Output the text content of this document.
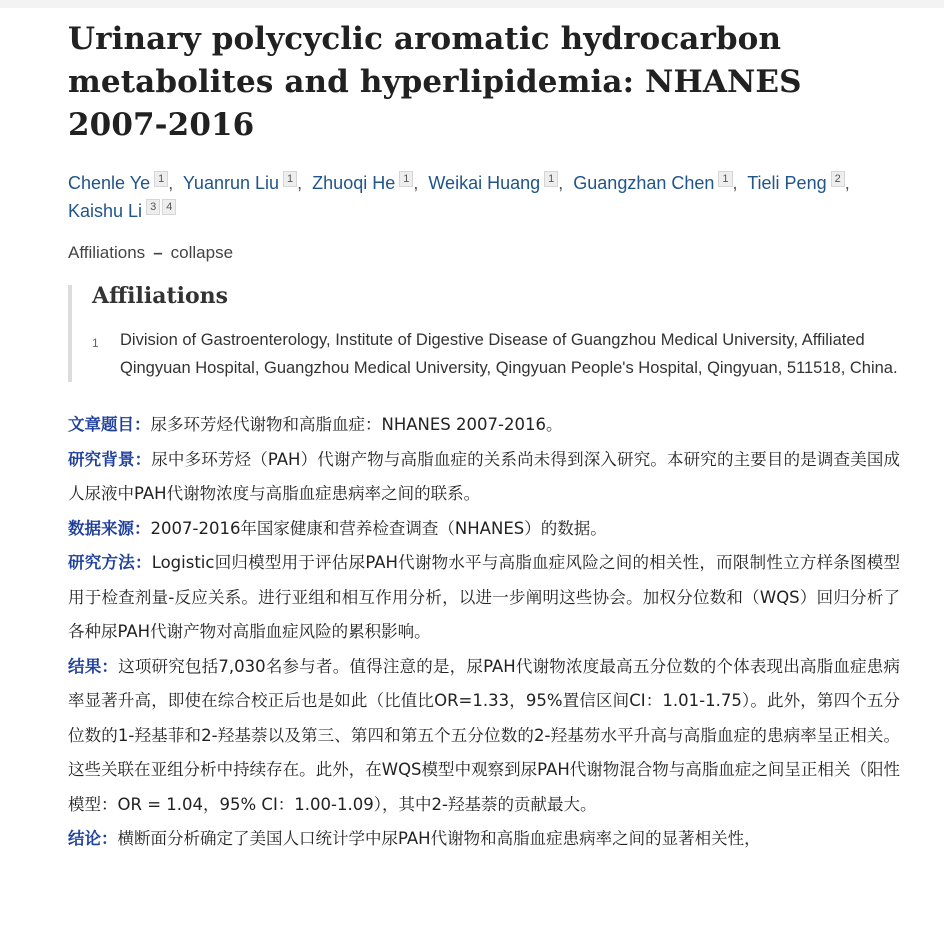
Urinary polycyclic aromatic hydrocarbon metabolites and hyperlipidemia: NHANES 2007-2016
Chenle Ye 1 , Yuanrun Liu 1 , Zhuoqi He 1 , Weikai Huang 1 , Guangzhan Chen 1 , Tieli Peng 2 ,
Kaishu Li 3 4
Affiliations – collapse
Affiliations
1	Division of Gastroenterology, Institute of Digestive Disease of Guangzhou Medical University, Affiliated Qingyuan Hospital, Guangzhou Medical University, Qingyuan People's Hospital, Qingyuan, 511518, China.

文章题目：尿多环芳烃代谢物和高脂血症：NHANES 2007-2016。

研究背景：尿中多环芳烃（PAH）代谢产物与高脂血症的关系尚未得到深入研究。本研究的主要目的是调查美国成人尿液中PAH代谢物浓度与高脂血症患病率之间的联系。

数据来源：2007-2016年国家健康和营养检查调查（NHANES）的数据。

研究方法：Logistic回归模型用于评估尿PAH代谢物水平与高脂血症风险之间的相关性，而限制性立方样条图模型用于检查剂量-反应关系。进行亚组和相互作用分析，以进一步阐明这些协会。加权分位数和（WQS）回归分析了各种尿PAH代谢产物对高脂血症风险的累积影响。

结果：这项研究包括7,030名参与者。值得注意的是，尿PAH代谢物浓度最高五分位数的个体表现出高脂血症患病率显著升高，即使在综合校正后也是如此（比值比OR=1.33，95%置信区间CI：1.01-1.75）。此外，第四个五分位数的1-羟基菲和2-羟基萘以及第三、第四和第五个五分位数的2-羟基芴水平升高与高脂血症的患病率呈正相关。这些关联在亚组分析中持续存在。此外，在WQS模型中观察到尿PAH代谢物混合物与高脂血症之间呈正相关（阳性模型：OR = 1.04，95% CI：1.00-1.09），其中2-羟基萘的贡献最大。

结论：横断面分析确定了美国人口统计学中尿PAH代谢物和高脂血症患病率之间的显著相关性，
